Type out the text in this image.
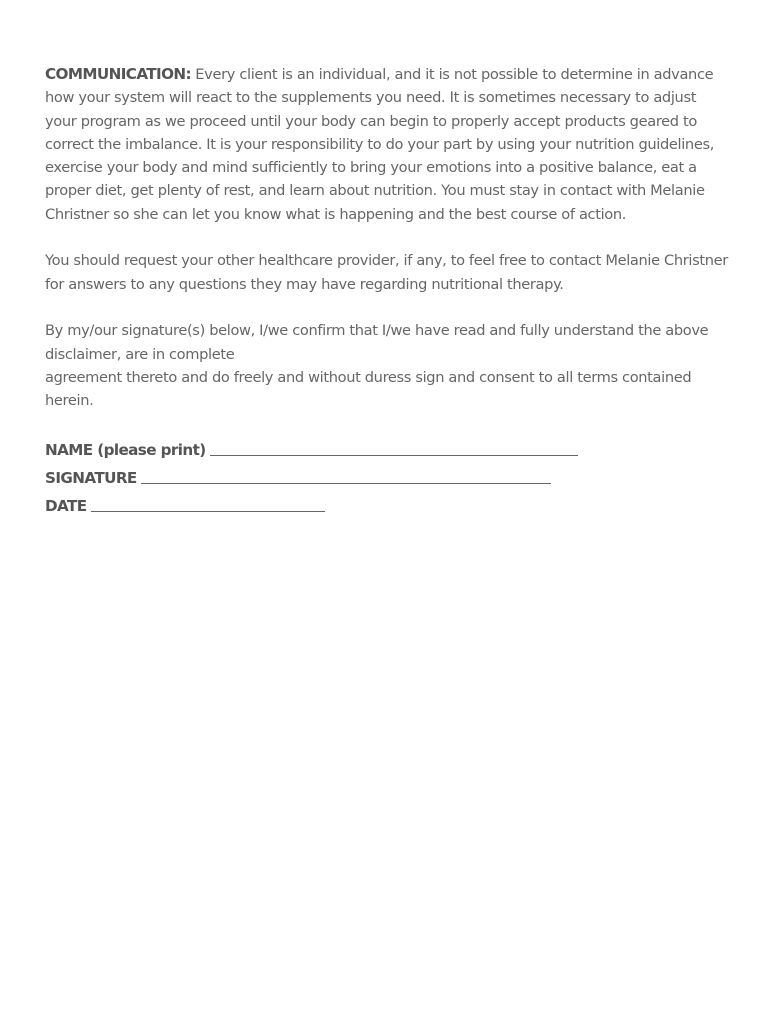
COMMUNICATION: Every client is an individual, and it is not possible to determine in advance how your system will react to the supplements you need. It is sometimes necessary to adjust your program as we proceed until your body can begin to properly accept products geared to correct the imbalance. It is your responsibility to do your part by using your nutrition guidelines, exercise your body and mind sufficiently to bring your emotions into a positive balance, eat a proper diet, get plenty of rest, and learn about nutrition. You must stay in contact with Melanie Christner so she can let you know what is happening and the best course of action.

You should request your other healthcare provider, if any, to feel free to contact Melanie Christner for answers to any questions they may have regarding nutritional therapy.

By my/our signature(s) below, I/we confirm that I/we have read and fully understand the above disclaimer, are in complete
agreement thereto and do freely and without duress sign and consent to all terms contained herein.

NAME (please print)
SIGNATURE
DATE
